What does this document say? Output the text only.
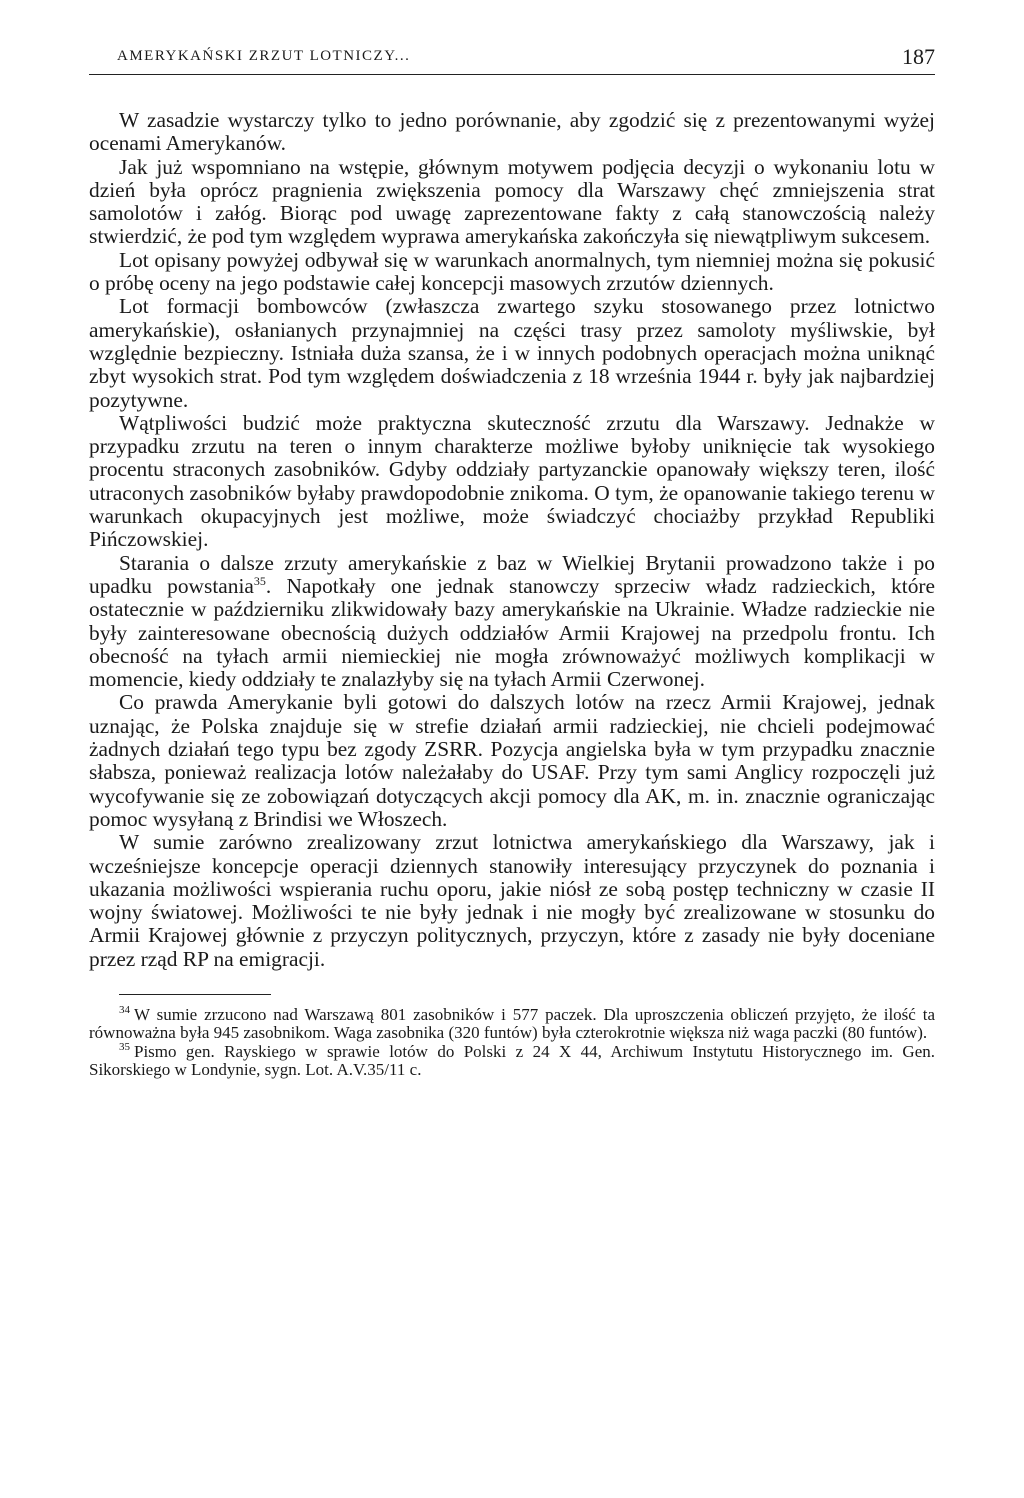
AMERYKAŃSKI ZRZUT LOTNICZY...	187

W zasadzie wystarczy tylko to jedno porównanie, aby zgodzić się z prezentowanymi wyżej ocenami Amerykanów.

Jak już wspomniano na wstępie, głównym motywem podjęcia decyzji o wykonaniu lotu w dzień była oprócz pragnienia zwiększenia pomocy dla Warszawy chęć zmniejszenia strat samolotów i załóg. Biorąc pod uwagę zaprezentowane fakty z całą stanowczością należy stwierdzić, że pod tym względem wyprawa amerykańska zakończyła się niewątpliwym sukcesem.

Lot opisany powyżej odbywał się w warunkach anormalnych, tym niemniej można się pokusić o próbę oceny na jego podstawie całej koncepcji masowych zrzutów dziennych.

Lot formacji bombowców (zwłaszcza zwartego szyku stosowanego przez lotnictwo amerykańskie), osłanianych przynajmniej na części trasy przez samoloty myśliwskie, był względnie bezpieczny. Istniała duża szansa, że i w innych podobnych operacjach można uniknąć zbyt wysokich strat. Pod tym względem doświadczenia z 18 września 1944 r. były jak najbardziej pozytywne.

Wątpliwości budzić może praktyczna skuteczność zrzutu dla Warszawy. Jednakże w przypadku zrzutu na teren o innym charakterze możliwe byłoby uniknięcie tak wysokiego procentu straconych zasobników. Gdyby oddziały partyzanckie opanowały większy teren, ilość utraconych zasobników byłaby prawdopodobnie znikoma. O tym, że opanowanie takiego terenu w warunkach okupacyjnych jest możliwe, może świadczyć chociażby przykład Republiki Pińczowskiej.

Starania o dalsze zrzuty amerykańskie z baz w Wielkiej Brytanii prowadzono także i po upadku powstania$^{35}$. Napotkały one jednak stanowczy sprzeciw władz radzieckich, które ostatecznie w październiku zlikwidowały bazy amerykańskie na Ukrainie. Władze radzieckie nie były zainteresowane obecnością dużych oddziałów Armii Krajowej na przedpolu frontu. Ich obecność na tyłach armii niemieckiej nie mogła zrównoważyć możliwych komplikacji w momencie, kiedy oddziały te znalazłyby się na tyłach Armii Czerwonej.

Co prawda Amerykanie byli gotowi do dalszych lotów na rzecz Armii Krajowej, jednak uznając, że Polska znajduje się w strefie działań armii radzieckiej, nie chcieli podejmować żadnych działań tego typu bez zgody ZSRR. Pozycja angielska była w tym przypadku znacznie słabsza, ponieważ realizacja lotów należałaby do USAF. Przy tym sami Anglicy rozpoczęli już wycofywanie się ze zobowiązań dotyczących akcji pomocy dla AK, m. in. znacznie ograniczając pomoc wysyłaną z Brindisi we Włoszech.

W sumie zarówno zrealizowany zrzut lotnictwa amerykańskiego dla Warszawy, jak i wcześniejsze koncepcje operacji dziennych stanowiły interesujący przyczynek do poznania i ukazania możliwości wspierania ruchu oporu, jakie niósł ze sobą postęp techniczny w czasie II wojny światowej. Możliwości te nie były jednak i nie mogły być zrealizowane w stosunku do Armii Krajowej głównie z przyczyn politycznych, przyczyn, które z zasady nie były doceniane przez rząd RP na emigracji.

$^{34}$ W sumie zrzucono nad Warszawą 801 zasobników i 577 paczek. Dla uproszczenia obliczeń przyjęto, że ilość ta równoważna była 945 zasobnikom. Waga zasobnika (320 funtów) była czterokrotnie większa niż waga paczki (80 funtów).

$^{35}$ Pismo gen. Rayskiego w sprawie lotów do Polski z 24 X 44, Archiwum Instytutu Historycznego im. Gen. Sikorskiego w Londynie, sygn. Lot. A.V.35/11 c.
